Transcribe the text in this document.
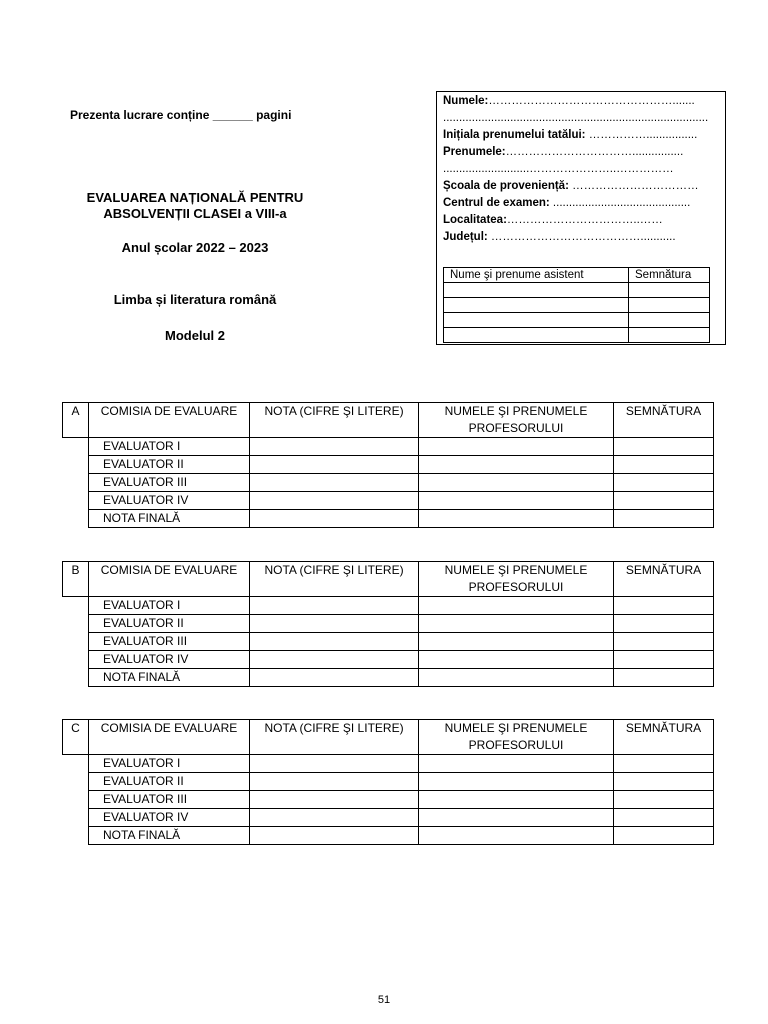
Prezenta lucrare conține ______ pagini
EVALUAREA NAȚIONALĂ PENTRU
ABSOLVENȚII CLASEI a VIII-a
Anul școlar 2022 – 2023
Limba și literatura română
Modelul 2
Numele:………………………………………….......
...................................................................................
Inițiala prenumelui tatălui: ……………................
Prenumele:……………………………................
...........................…………………..……………
Școala de proveniență: ……………………………
Centrul de examen: ...........................................
Localitatea:……………………………..……
Județul: …………………………………...........
Nume şi prenume asistent	Semnătura

A	COMISIA DE EVALUARE	NOTA (CIFRE ŞI LITERE)	NUMELE ŞI PRENUMELE PROFESORULUI	SEMNĂTURA
	EVALUATOR I			
	EVALUATOR II			
	EVALUATOR III			
	EVALUATOR IV			
	NOTA FINALĂ			
B	COMISIA DE EVALUARE	NOTA (CIFRE ŞI LITERE)	NUMELE ŞI PRENUMELE PROFESORULUI	SEMNĂTURA
	EVALUATOR I			
	EVALUATOR II			
	EVALUATOR III			
	EVALUATOR IV			
	NOTA FINALĂ			
C	COMISIA DE EVALUARE	NOTA (CIFRE ŞI LITERE)	NUMELE ŞI PRENUMELE PROFESORULUI	SEMNĂTURA
	EVALUATOR I			
	EVALUATOR II			
	EVALUATOR III			
	EVALUATOR IV			
	NOTA FINALĂ			
51
